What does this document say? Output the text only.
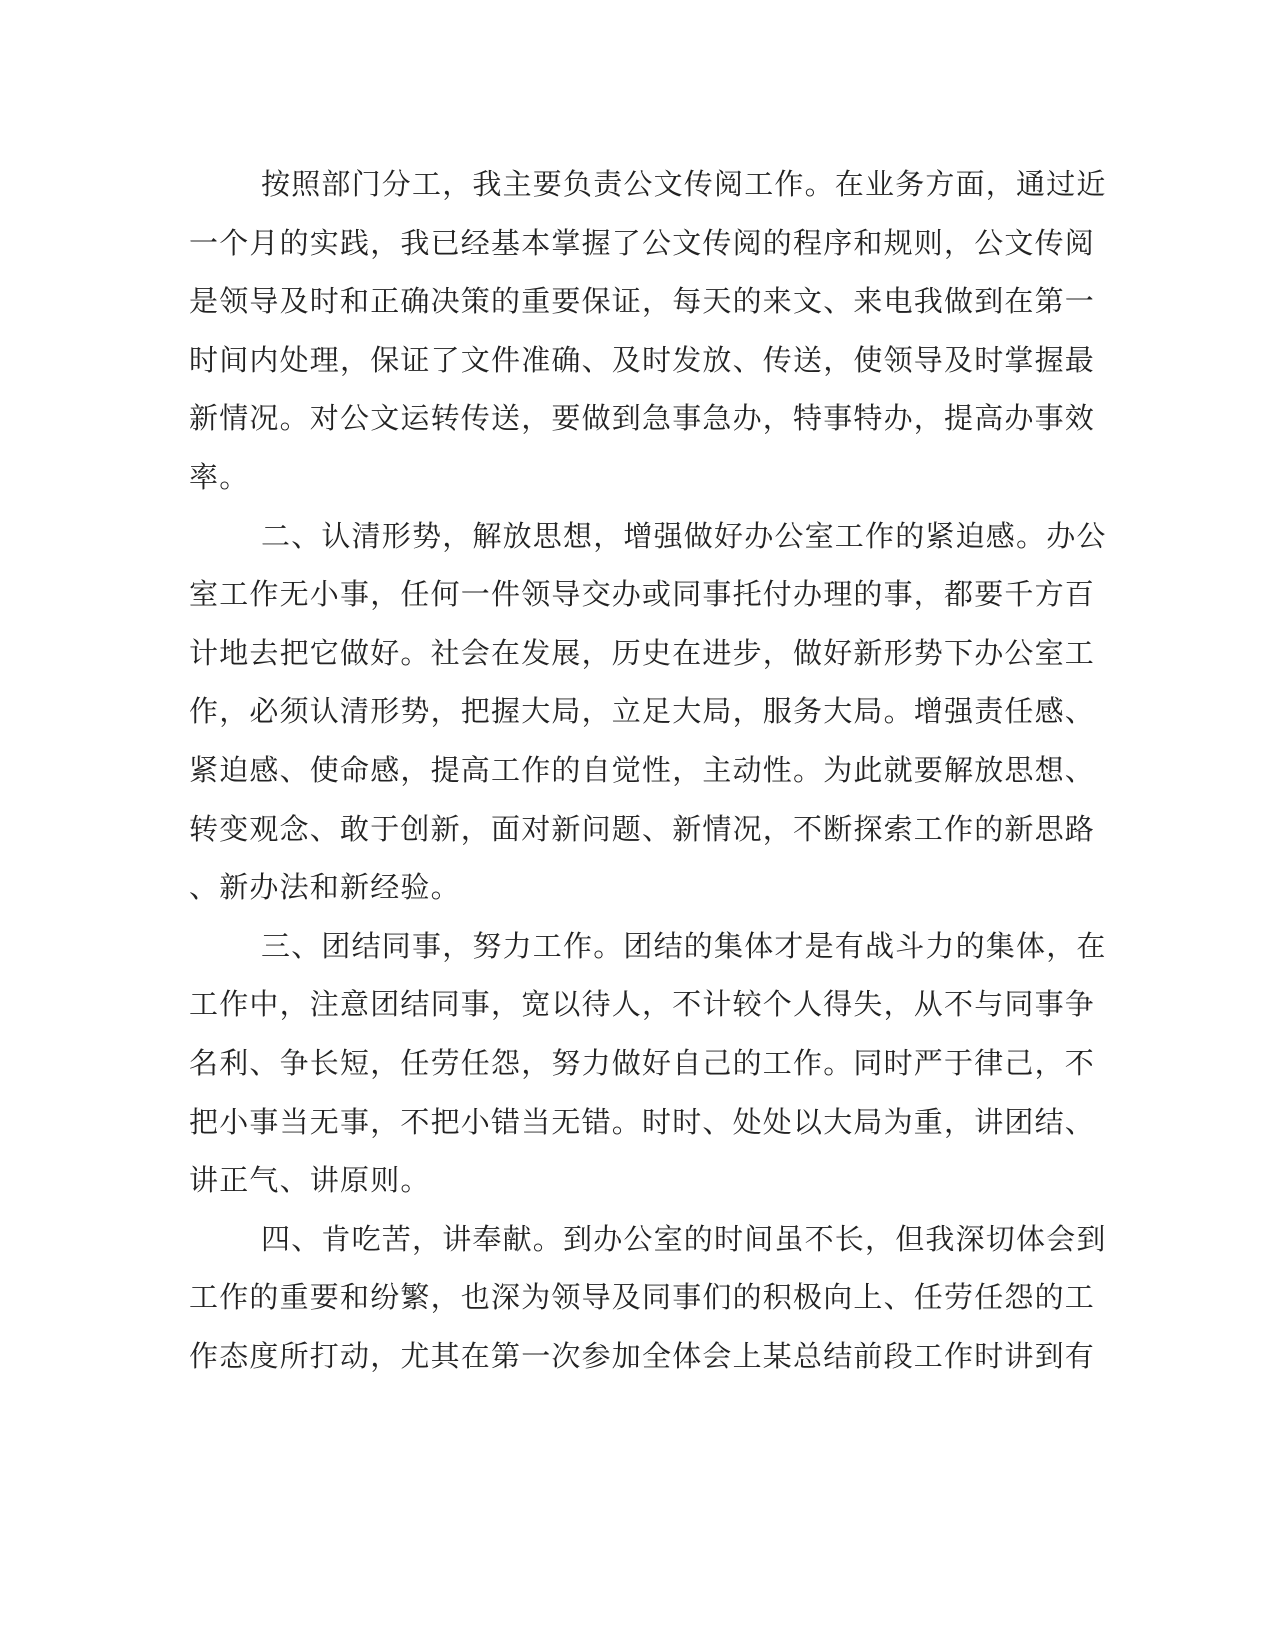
按照部门分工，我主要负责公文传阅工作。在业务方面，通过近
一个月的实践，我已经基本掌握了公文传阅的程序和规则，公文传阅
是领导及时和正确决策的重要保证，每天的来文、来电我做到在第一
时间内处理，保证了文件准确、及时发放、传送，使领导及时掌握最
新情况。对公文运转传送，要做到急事急办，特事特办，提高办事效
率。
二、认清形势，解放思想，增强做好办公室工作的紧迫感。办公
室工作无小事，任何一件领导交办或同事托付办理的事，都要千方百
计地去把它做好。社会在发展，历史在进步，做好新形势下办公室工
作，必须认清形势，把握大局，立足大局，服务大局。增强责任感、
紧迫感、使命感，提高工作的自觉性，主动性。为此就要解放思想、
转变观念、敢于创新，面对新问题、新情况，不断探索工作的新思路
、新办法和新经验。
三、团结同事，努力工作。团结的集体才是有战斗力的集体，在
工作中，注意团结同事，宽以待人，不计较个人得失，从不与同事争
名利、争长短，任劳任怨，努力做好自己的工作。同时严于律己，不
把小事当无事，不把小错当无错。时时、处处以大局为重，讲团结、
讲正气、讲原则。
四、肯吃苦，讲奉献。到办公室的时间虽不长，但我深切体会到
工作的重要和纷繁，也深为领导及同事们的积极向上、任劳任怨的工
作态度所打动，尤其在第一次参加全体会上某总结前段工作时讲到有
